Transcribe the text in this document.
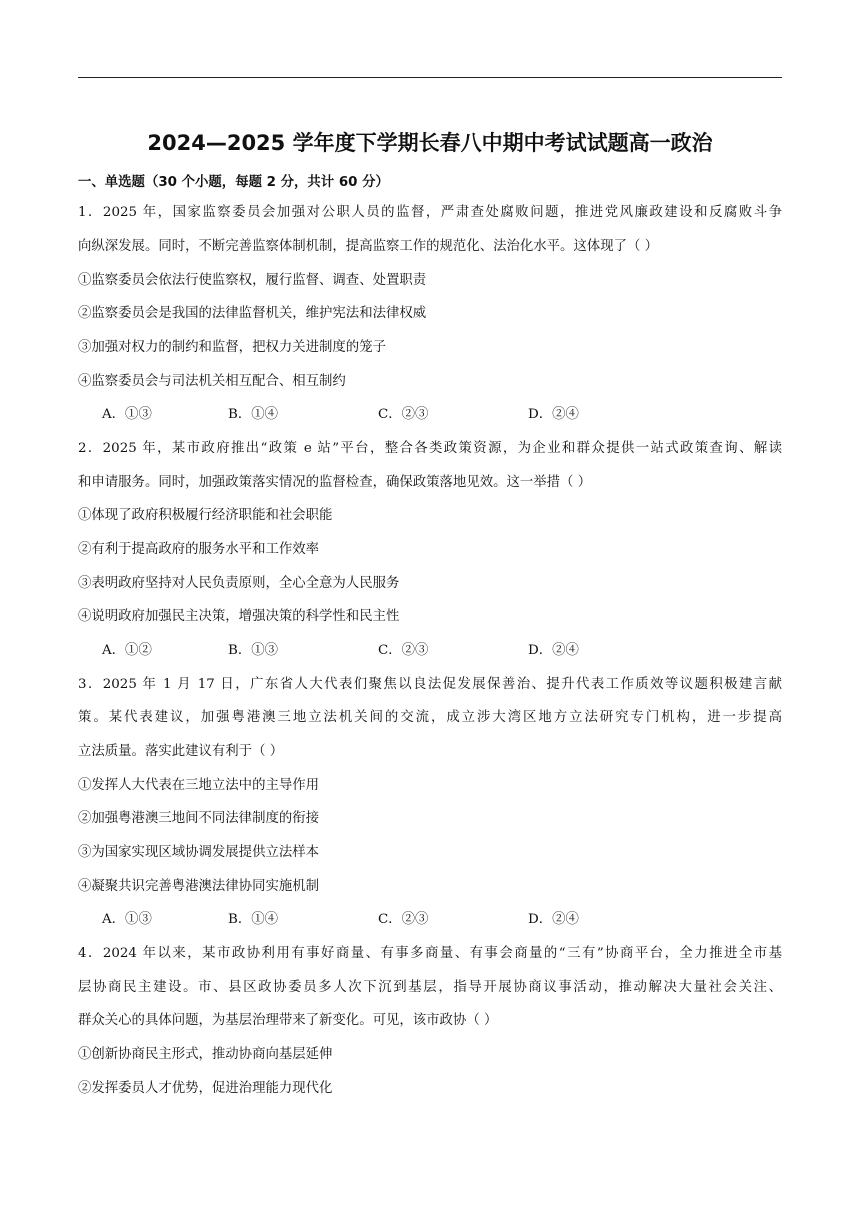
2024—2025 学年度下学期长春八中期中考试试题高一政治
一、单选题（30 个小题，每题 2 分，共计 60 分）
1．2025 年，国家监察委员会加强对公职人员的监督，严肃查处腐败问题，推进党风廉政建设和反腐败斗争
向纵深发展。同时，不断完善监察体制机制，提高监察工作的规范化、法治化水平。这体现了（ ）
①监察委员会依法行使监察权，履行监督、调查、处置职责
②监察委员会是我国的法律监督机关，维护宪法和法律权威
③加强对权力的制约和监督，把权力关进制度的笼子
④监察委员会与司法机关相互配合、相互制约
A．①③	B．①④	C．②③	D．②④
2．2025 年，某市政府推出“政策 e 站”平台，整合各类政策资源，为企业和群众提供一站式政策查询、解读
和申请服务。同时，加强政策落实情况的监督检查，确保政策落地见效。这一举措（ ）
①体现了政府积极履行经济职能和社会职能
②有利于提高政府的服务水平和工作效率
③表明政府坚持对人民负责原则，全心全意为人民服务
④说明政府加强民主决策，增强决策的科学性和民主性
A．①②	B．①③	C．②③	D．②④
3．2025 年 1 月 17 日，广东省人大代表们聚焦以良法促发展保善治、提升代表工作质效等议题积极建言献
策。某代表建议，加强粤港澳三地立法机关间的交流，成立涉大湾区地方立法研究专门机构，进一步提高
立法质量。落实此建议有利于（ ）
①发挥人大代表在三地立法中的主导作用
②加强粤港澳三地间不同法律制度的衔接
③为国家实现区域协调发展提供立法样本
④凝聚共识完善粤港澳法律协同实施机制
A．①③	B．①④	C．②③	D．②④
4．2024 年以来，某市政协利用有事好商量、有事多商量、有事会商量的“三有”协商平台，全力推进全市基
层协商民主建设。市、县区政协委员多人次下沉到基层，指导开展协商议事活动，推动解决大量社会关注、
群众关心的具体问题，为基层治理带来了新变化。可见，该市政协（ ）
①创新协商民主形式，推动协商向基层延伸
②发挥委员人才优势，促进治理能力现代化
